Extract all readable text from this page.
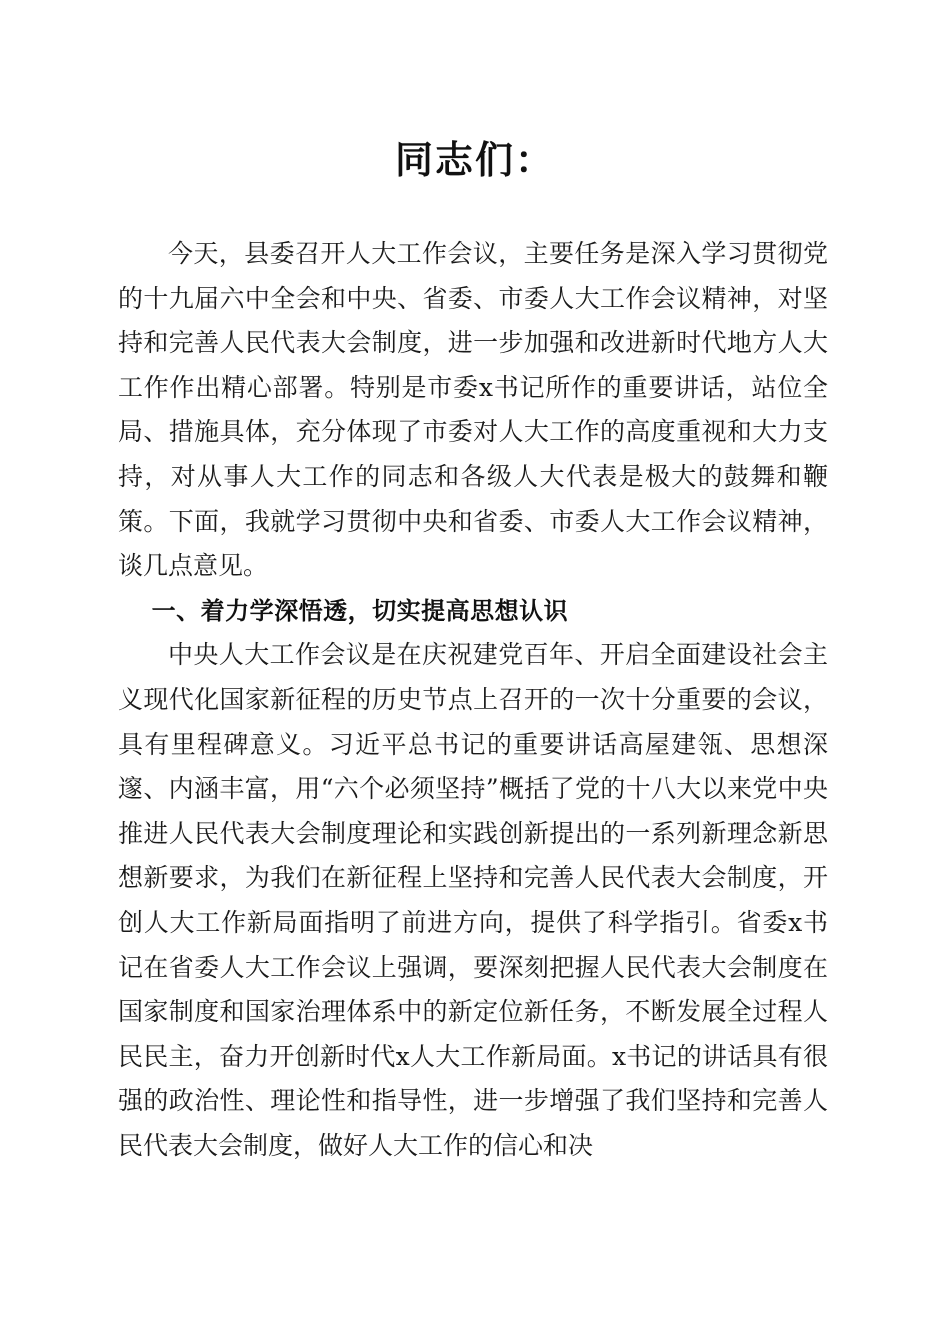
同志们：

今天，县委召开人大工作会议，主要任务是深入学习贯彻党的十九届六中全会和中央、省委、市委人大工作会议精神，对坚持和完善人民代表大会制度，进一步加强和改进新时代地方人大工作作出精心部署。特别是市委x书记所作的重要讲话，站位全局、措施具体，充分体现了市委对人大工作的高度重视和大力支持，对从事人大工作的同志和各级人大代表是极大的鼓舞和鞭策。下面，我就学习贯彻中央和省委、市委人大工作会议精神，谈几点意见。

一、着力学深悟透，切实提高思想认识

中央人大工作会议是在庆祝建党百年、开启全面建设社会主义现代化国家新征程的历史节点上召开的一次十分重要的会议，具有里程碑意义。习近平总书记的重要讲话高屋建瓴、思想深邃、内涵丰富，用“六个必须坚持”概括了党的十八大以来党中央推进人民代表大会制度理论和实践创新提出的一系列新理念新思想新要求，为我们在新征程上坚持和完善人民代表大会制度，开创人大工作新局面指明了前进方向，提供了科学指引。省委x书记在省委人大工作会议上强调，要深刻把握人民代表大会制度在国家制度和国家治理体系中的新定位新任务，不断发展全过程人民民主，奋力开创新时代x人大工作新局面。x书记的讲话具有很强的政治性、理论性和指导性，进一步增强了我们坚持和完善人民代表大会制度，做好人大工作的信心和决
